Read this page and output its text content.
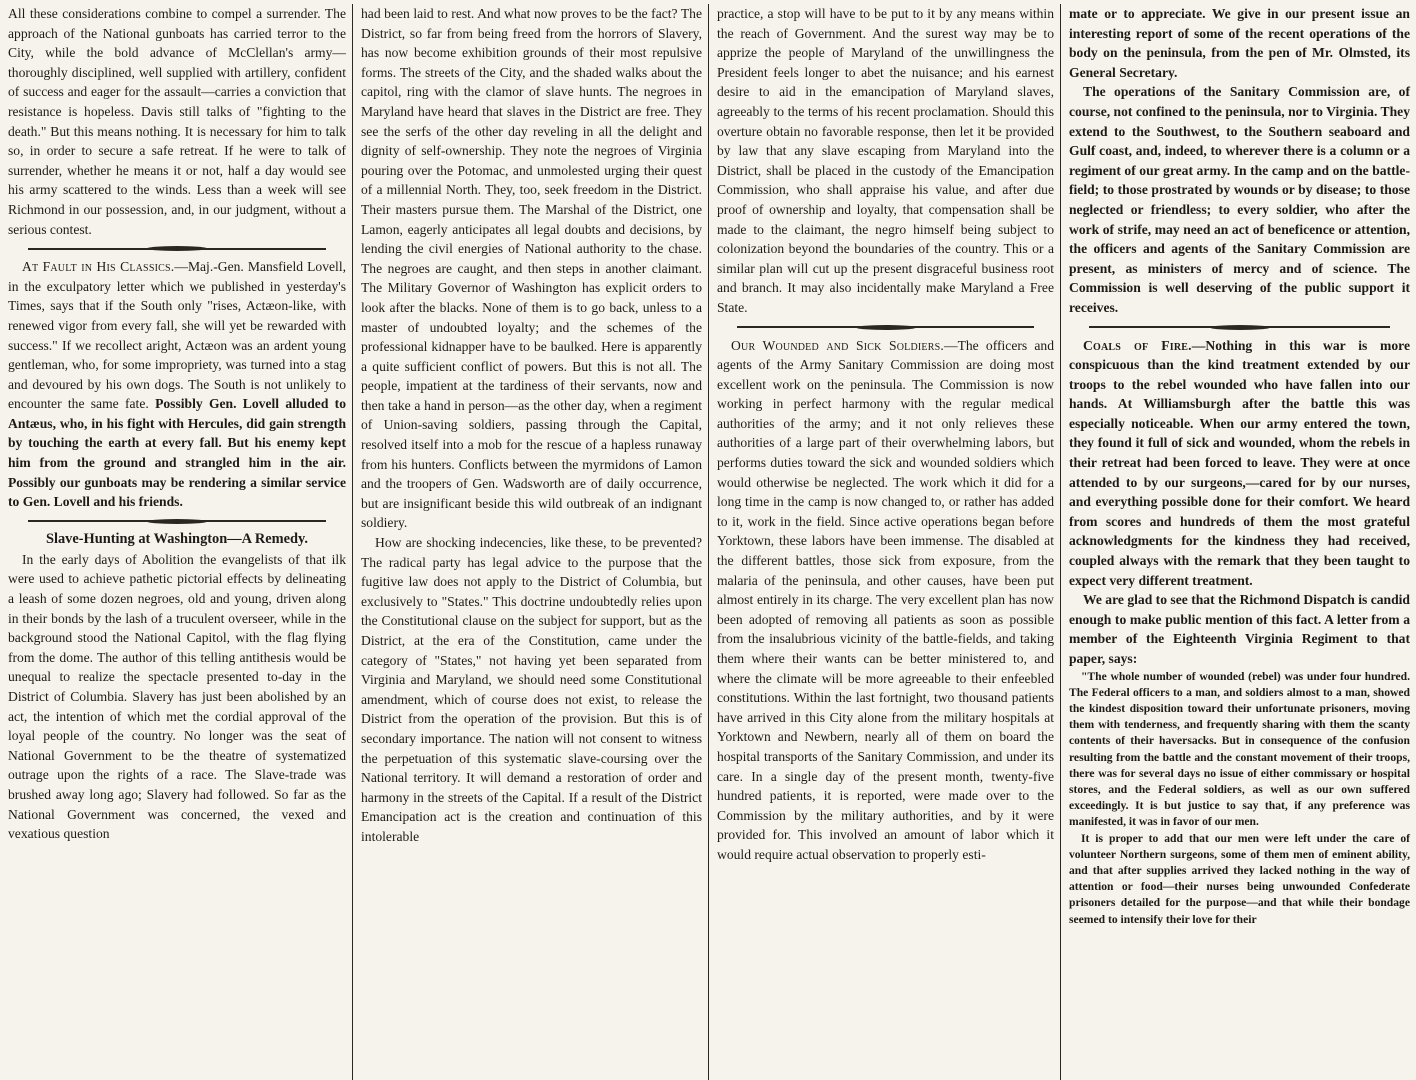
All these considerations combine to compel a surrender. The approach of the National gunboats has carried terror to the City, while the bold advance of McClellan's army—thoroughly disciplined, well supplied with artillery, confident of success and eager for the assault—carries a conviction that resistance is hopeless. Davis still talks of "fighting to the death." But this means nothing. It is necessary for him to talk so, in order to secure a safe retreat. If he were to talk of surrender, whether he means it or not, half a day would see his army scattered to the winds. Less than a week will see Richmond in our possession, and, in our judgment, without a serious contest.

At Fault in His Classics.—Maj.-Gen. Mansfield Lovell, in the exculpatory letter which we published in yesterday's Times, says that if the South only "rises, Actæon-like, with renewed vigor from every fall, she will yet be rewarded with success." If we recollect aright, Actæon was an ardent young gentleman, who, for some impropriety, was turned into a stag and devoured by his own dogs. The South is not unlikely to encounter the same fate. Possibly Gen. Lovell alluded to Antæus, who, in his fight with Hercules, did gain strength by touching the earth at every fall. But his enemy kept him from the ground and strangled him in the air. Possibly our gunboats may be rendering a similar service to Gen. Lovell and his friends.

Slave-Hunting at Washington—A Remedy.

In the early days of Abolition the evangelists of that ilk were used to achieve pathetic pictorial effects by delineating a leash of some dozen negroes, old and young, driven along in their bonds by the lash of a truculent overseer, while in the background stood the National Capitol, with the flag flying from the dome. The author of this telling antithesis would be unequal to realize the spectacle presented to-day in the District of Columbia. Slavery has just been abolished by an act, the intention of which met the cordial approval of the loyal people of the country. No longer was the seat of National Government to be the theatre of systematized outrage upon the rights of a race. The Slave-trade was brushed away long ago; Slavery had followed. So far as the National Government was concerned, the vexed and vexatious question

had been laid to rest. And what now proves to be the fact? The District, so far from being freed from the horrors of Slavery, has now become exhibition grounds of their most repulsive forms. The streets of the City, and the shaded walks about the capitol, ring with the clamor of slave hunts. The negroes in Maryland have heard that slaves in the District are free. They see the serfs of the other day reveling in all the delight and dignity of self-ownership. They note the negroes of Virginia pouring over the Potomac, and unmolested urging their quest of a millennial North. They, too, seek freedom in the District. Their masters pursue them. The Marshal of the District, one Lamon, eagerly anticipates all legal doubts and decisions, by lending the civil energies of National authority to the chase. The negroes are caught, and then steps in another claimant. The Military Governor of Washington has explicit orders to look after the blacks. None of them is to go back, unless to a master of undoubted loyalty; and the schemes of the professional kidnapper have to be baulked. Here is apparently a quite sufficient conflict of powers. But this is not all. The people, impatient at the tardiness of their servants, now and then take a hand in person—as the other day, when a regiment of Union-saving soldiers, passing through the Capital, resolved itself into a mob for the rescue of a hapless runaway from his hunters. Conflicts between the myrmidons of Lamon and the troopers of Gen. Wadsworth are of daily occurrence, but are insignificant beside this wild outbreak of an indignant soldiery.

How are shocking indecencies, like these, to be prevented? The radical party has legal advice to the purpose that the fugitive law does not apply to the District of Columbia, but exclusively to "States." This doctrine undoubtedly relies upon the Constitutional clause on the subject for support, but as the District, at the era of the Constitution, came under the category of "States," not having yet been separated from Virginia and Maryland, we should need some Constitutional amendment, which of course does not exist, to release the District from the operation of the provision. But this is of secondary importance. The nation will not consent to witness the perpetuation of this systematic slave-coursing over the National territory. It will demand a restoration of order and harmony in the streets of the Capital. If a result of the District Emancipation act is the creation and continuation of this intolerable

practice, a stop will have to be put to it by any means within the reach of Government. And the surest way may be to apprize the people of Maryland of the unwillingness the President feels longer to abet the nuisance; and his earnest desire to aid in the emancipation of Maryland slaves, agreeably to the terms of his recent proclamation. Should this overture obtain no favorable response, then let it be provided by law that any slave escaping from Maryland into the District, shall be placed in the custody of the Emancipation Commission, who shall appraise his value, and after due proof of ownership and loyalty, that compensation shall be made to the claimant, the negro himself being subject to colonization beyond the boundaries of the country. This or a similar plan will cut up the present disgraceful business root and branch. It may also incidentally make Maryland a Free State.

Our Wounded and Sick Soldiers.—The officers and agents of the Army Sanitary Commission are doing most excellent work on the peninsula. The Commission is now working in perfect harmony with the regular medical authorities of the army; and it not only relieves these authorities of a large part of their overwhelming labors, but performs duties toward the sick and wounded soldiers which would otherwise be neglected. The work which it did for a long time in the camp is now changed to, or rather has added to it, work in the field. Since active operations began before Yorktown, these labors have been immense. The disabled at the different battles, those sick from exposure, from the malaria of the peninsula, and other causes, have been put almost entirely in its charge. The very excellent plan has now been adopted of removing all patients as soon as possible from the insalubrious vicinity of the battle-fields, and taking them where their wants can be better ministered to, and where the climate will be more agreeable to their enfeebled constitutions. Within the last fortnight, two thousand patients have arrived in this City alone from the military hospitals at Yorktown and Newbern, nearly all of them on board the hospital transports of the Sanitary Commission, and under its care. In a single day of the present month, twenty-five hundred patients, it is reported, were made over to the Commission by the military authorities, and by it were provided for. This involved an amount of labor which it would require actual observation to properly esti-

mate or to appreciate. We give in our present issue an interesting report of some of the recent operations of the body on the peninsula, from the pen of Mr. Olmsted, its General Secretary.

The operations of the Sanitary Commission are, of course, not confined to the peninsula, nor to Virginia. They extend to the Southwest, to the Southern seaboard and Gulf coast, and, indeed, to wherever there is a column or a regiment of our great army. In the camp and on the battle-field; to those prostrated by wounds or by disease; to those neglected or friendless; to every soldier, who after the work of strife, may need an act of beneficence or attention, the officers and agents of the Sanitary Commission are present, as ministers of mercy and of science. The Commission is well deserving of the public support it receives.

Coals of Fire.—Nothing in this war is more conspicuous than the kind treatment extended by our troops to the rebel wounded who have fallen into our hands. At Williamsburgh after the battle this was especially noticeable. When our army entered the town, they found it full of sick and wounded, whom the rebels in their retreat had been forced to leave. They were at once attended to by our surgeons,—cared for by our nurses, and everything possible done for their comfort. We heard from scores and hundreds of them the most grateful acknowledgments for the kindness they had received, coupled always with the remark that they been taught to expect very different treatment.

We are glad to see that the Richmond Dispatch is candid enough to make public mention of this fact. A letter from a member of the Eighteenth Virginia Regiment to that paper, says:

"The whole number of wounded (rebel) was under four hundred. The Federal officers to a man, and soldiers almost to a man, showed the kindest disposition toward their unfortunate prisoners, moving them with tenderness, and frequently sharing with them the scanty contents of their haversacks. But in consequence of the confusion resulting from the battle and the constant movement of their troops, there was for several days no issue of either commissary or hospital stores, and the Federal soldiers, as well as our own suffered exceedingly. It is but justice to say that, if any preference was manifested, it was in favor of our men.

It is proper to add that our men were left under the care of volunteer Northern surgeons, some of them men of eminent ability, and that after supplies arrived they lacked nothing in the way of attention or food—their nurses being unwounded Confederate prisoners detailed for the purpose—and that while their bondage seemed to intensify their love for their
